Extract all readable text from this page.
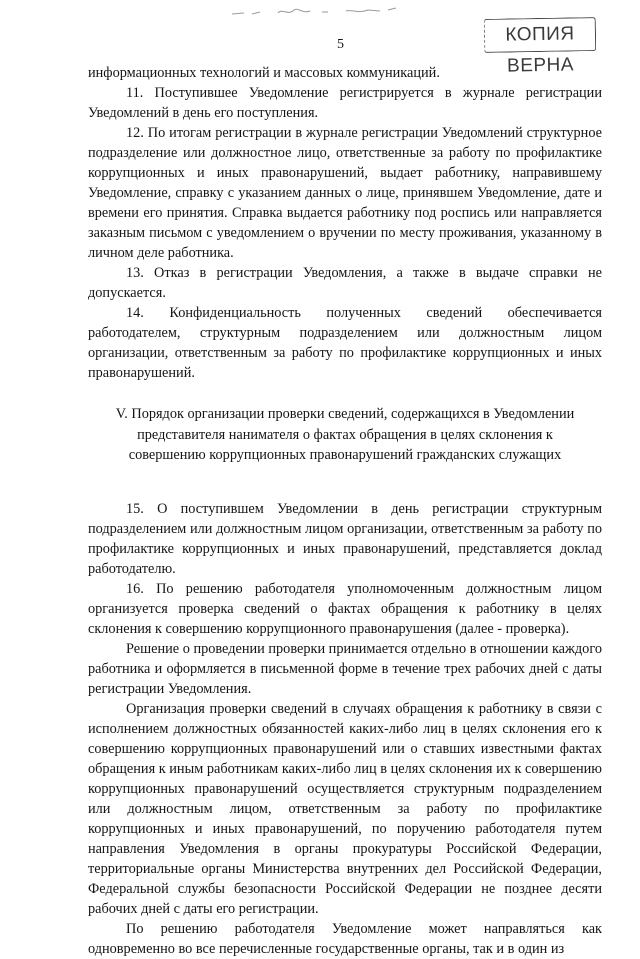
5	КОПИЯ ВЕРНА

информационных технологий и массовых коммуникаций.

11. Поступившее Уведомление регистрируется в журнале регистрации Уведомлений в день его поступления.

12. По итогам регистрации в журнале регистрации Уведомлений структурное подразделение или должностное лицо, ответственные за работу по профилактике коррупционных и иных правонарушений, выдает работнику, направившему Уведомление, справку с указанием данных о лице, принявшем Уведомление, дате и времени его принятия. Справка выдается работнику под роспись или направляется заказным письмом с уведомлением о вручении по месту проживания, указанному в личном деле работника.

13. Отказ в регистрации Уведомления, а также в выдаче справки не допускается.

14. Конфиденциальность полученных сведений обеспечивается работодателем, структурным подразделением или должностным лицом организации, ответственным за работу по профилактике коррупционных и иных правонарушений.

V. Порядок организации проверки сведений, содержащихся в Уведомлении представителя нанимателя о фактах обращения в целях склонения к совершению коррупционных правонарушений гражданских служащих

15. О поступившем Уведомлении в день регистрации структурным подразделением или должностным лицом организации, ответственным за работу по профилактике коррупционных и иных правонарушений, представляется доклад работодателю.

16. По решению работодателя уполномоченным должностным лицом организуется проверка сведений о фактах обращения к работнику в целях склонения к совершению коррупционного правонарушения (далее - проверка).

Решение о проведении проверки принимается отдельно в отношении каждого работника и оформляется в письменной форме в течение трех рабочих дней с даты регистрации Уведомления.

Организация проверки сведений в случаях обращения к работнику в связи с исполнением должностных обязанностей каких-либо лиц в целях склонения его к совершению коррупционных правонарушений или о ставших известными фактах обращения к иным работникам каких-либо лиц в целях склонения их к совершению коррупционных правонарушений осуществляется структурным подразделением или должностным лицом, ответственным за работу по профилактике коррупционных и иных правонарушений, по поручению работодателя путем направления Уведомления в органы прокуратуры Российской Федерации, территориальные органы Министерства внутренних дел Российской Федерации, Федеральной службы безопасности Российской Федерации не позднее десяти рабочих дней с даты его регистрации.

По решению работодателя Уведомление может направляться как одновременно во все перечисленные государственные органы, так и в один из
